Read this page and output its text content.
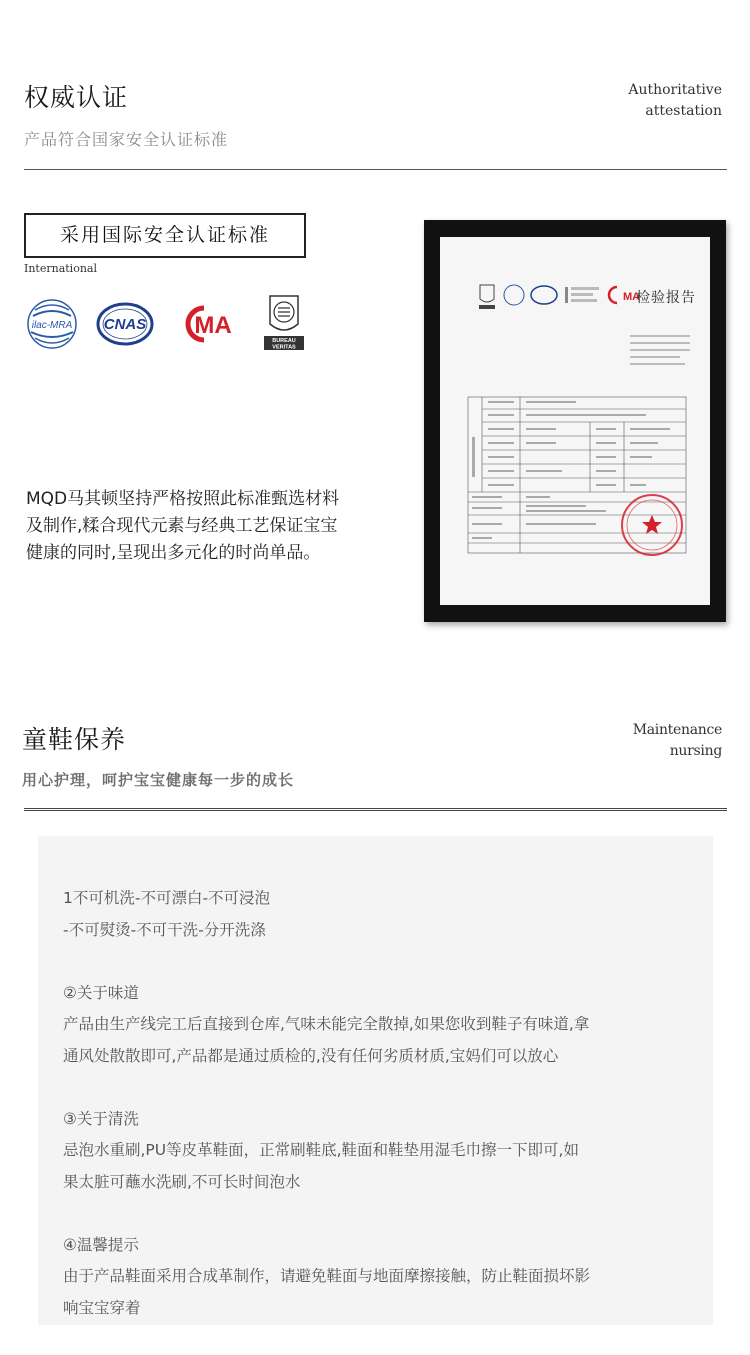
权威认证
产品符合国家安全认证标准
Authoritative
attestation
采用国际安全认证标准
International
ilac-MRA CNAS MA
BUREAU
VERITAS
MQD马其顿坚持严格按照此标准甄选材料及制作,糅合现代元素与经典工艺保证宝宝健康的同时,呈现出多元化的时尚单品。
MA
检验报告
童鞋保养
用心护理，呵护宝宝健康每一步的成长
Maintenance
nursing

1不可机洗-不可漂白-不可浸泡

-不可熨烫-不可干洗-分开洗涤

②关于味道

产品由生产线完工后直接到仓库,气味未能完全散掉,如果您收到鞋子有味道,拿

通风处散散即可,产品都是通过质检的,没有任何劣质材质,宝妈们可以放心

③关于清洗

忌泡水重刷,PU等皮革鞋面，正常刷鞋底,鞋面和鞋垫用湿毛巾擦一下即可,如

果太脏可蘸水洗刷,不可长时间泡水

④温馨提示

由于产品鞋面采用合成革制作，请避免鞋面与地面摩擦接触，防止鞋面损坏影

响宝宝穿着
